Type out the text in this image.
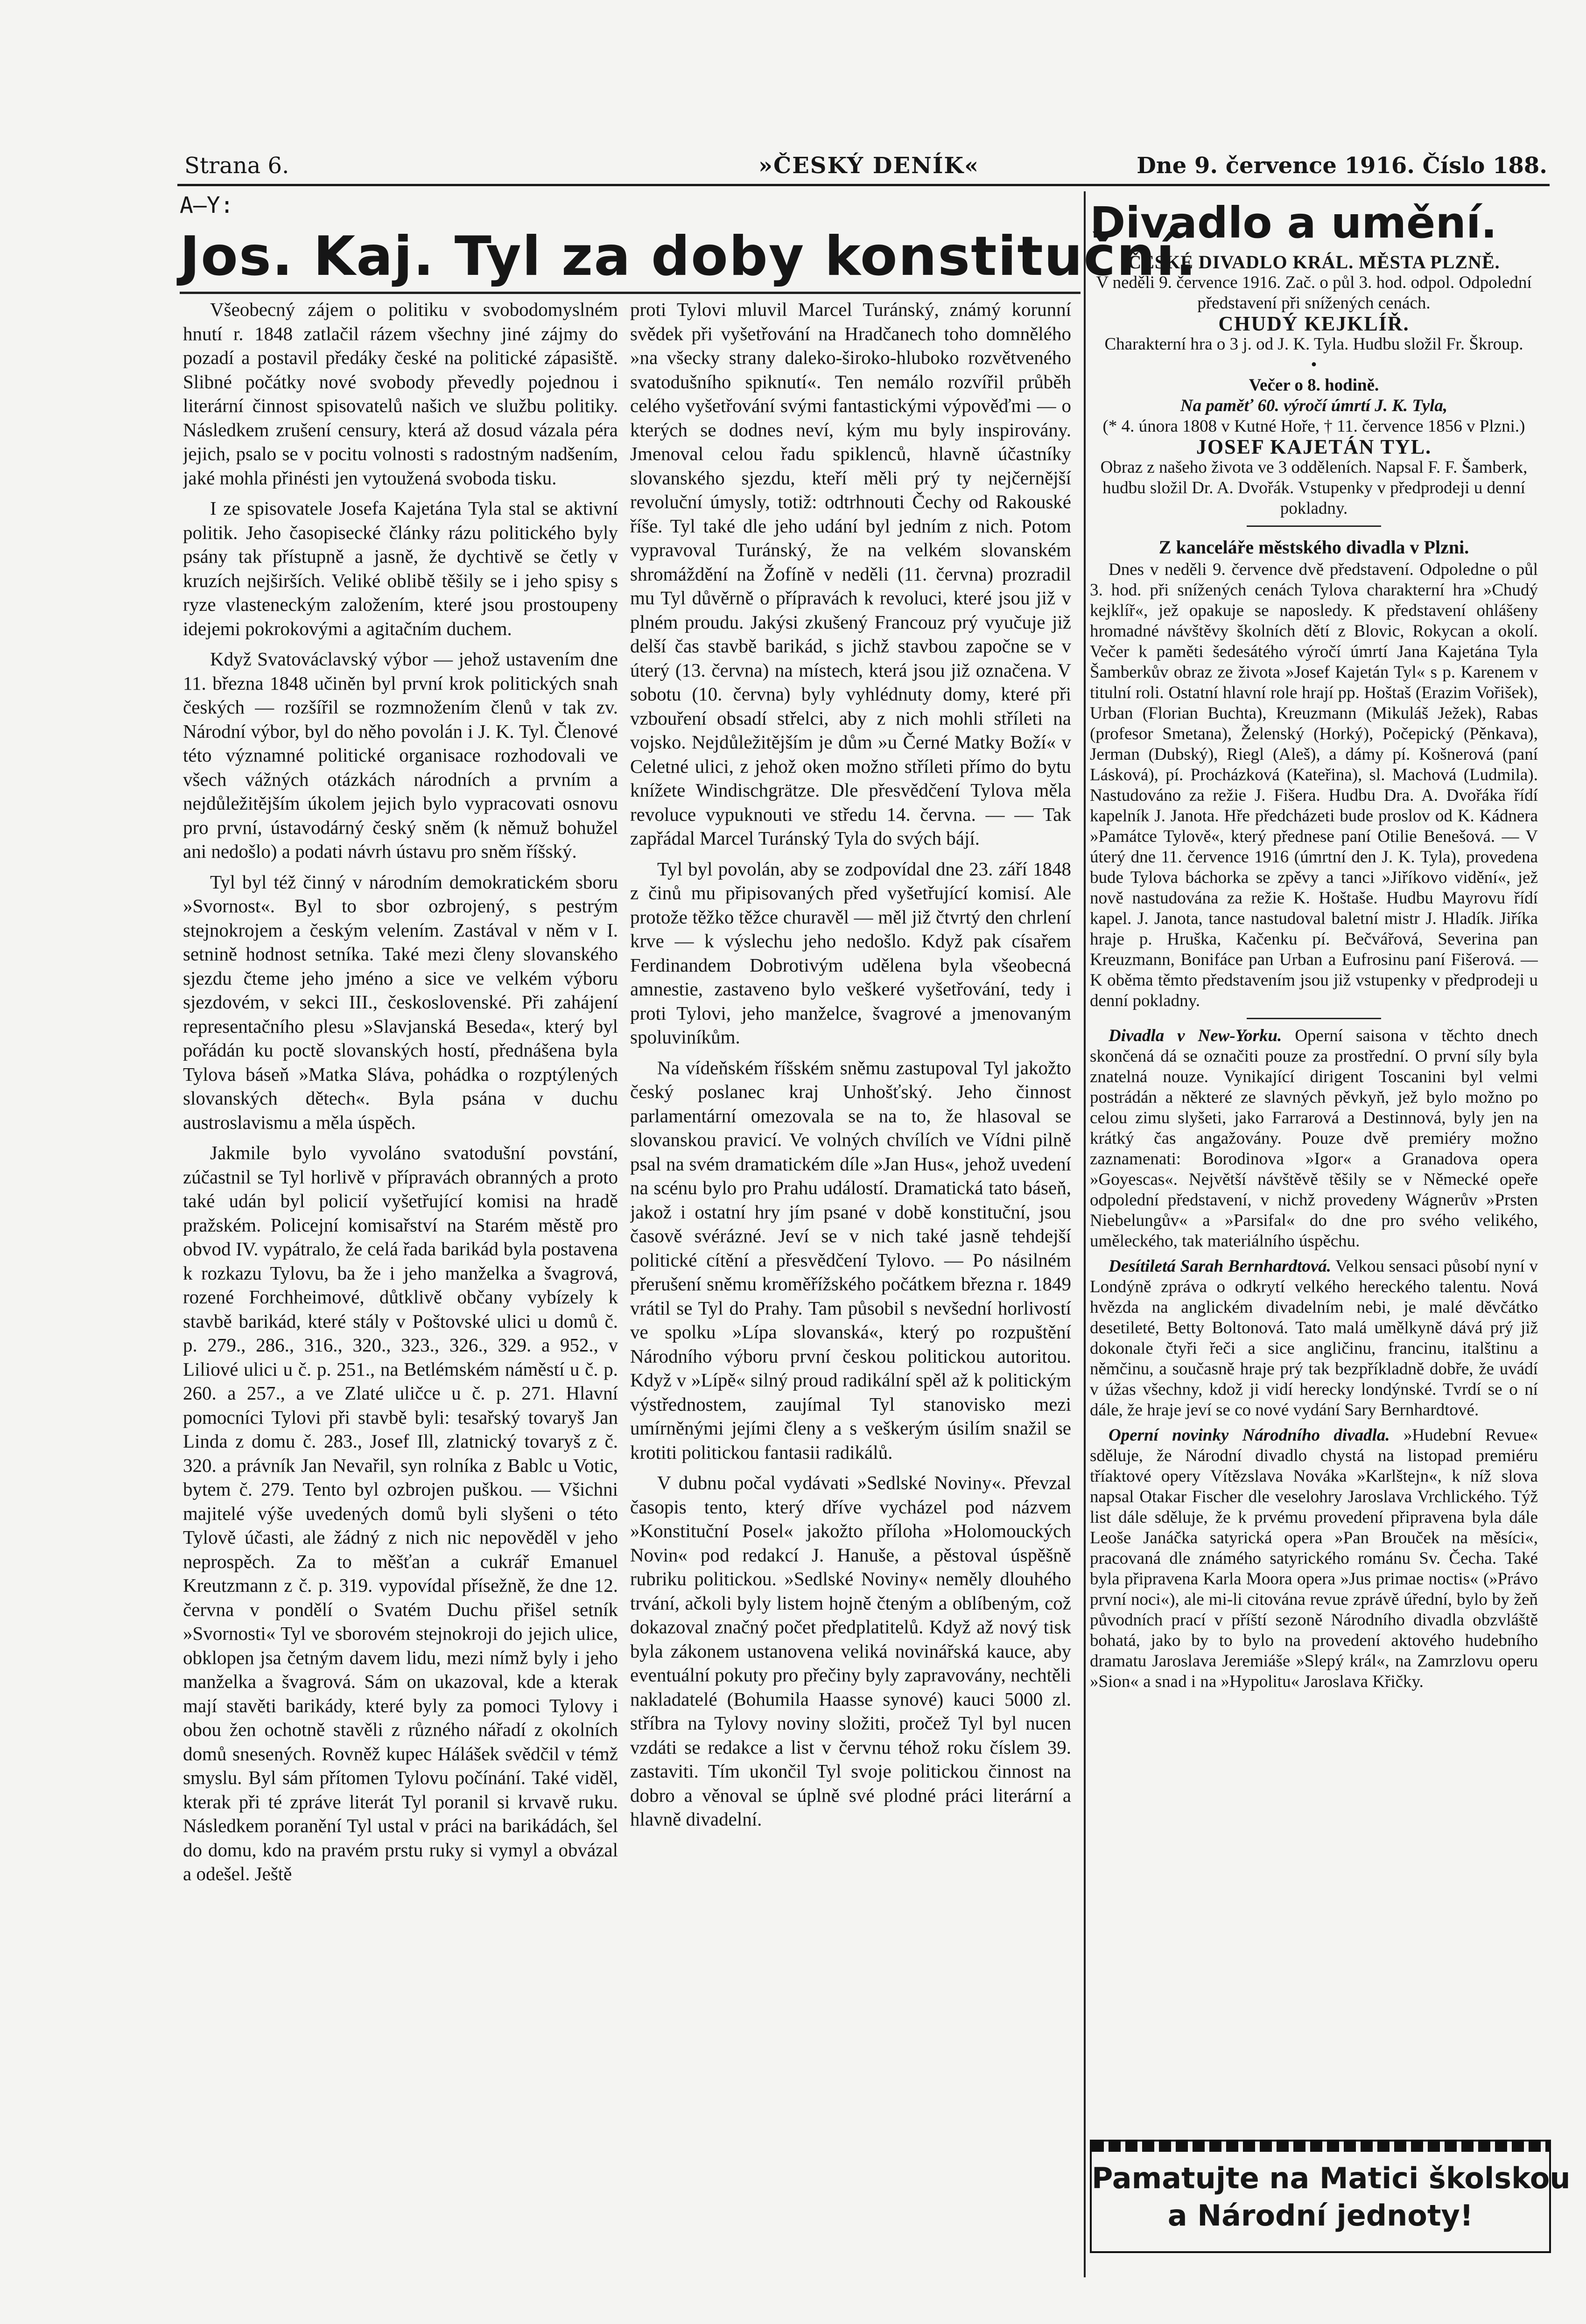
Strana 6.	»ČESKÝ DENÍK«	Dne 9. července 1916. Číslo 188.
A—Y:
Jos. Kaj. Tyl za doby konstituční.

Všeobecný zájem o politiku v svobodomyslném hnutí r. 1848 zatlačil rázem všechny jiné zájmy do pozadí a postavil předáky české na politické zápasiště. Slibné počátky nové svobody převedly pojednou i literární činnost spisovatelů našich ve službu politiky. Následkem zrušení censury, která až dosud vázala péra jejich, psalo se v pocitu volnosti s radostným nadšením, jaké mohla přinésti jen vytoužená svoboda tisku.

I ze spisovatele Josefa Kajetána Tyla stal se aktivní politik. Jeho časopisecké články rázu politického byly psány tak přístupně a jasně, že dychtivě se četly v kruzích nejširších. Veliké oblibě těšily se i jeho spisy s ryze vlasteneckým založením, které jsou prostoupeny idejemi pokrokovými a agitačním duchem.

Když Svatováclavský výbor — jehož ustavením dne 11. března 1848 učiněn byl první krok politických snah českých — rozšířil se rozmnožením členů v tak zv. Národní výbor, byl do něho povolán i J. K. Tyl. Členové této významné politické organisace rozhodovali ve všech vážných otázkách národních a prvním a nejdůležitějším úkolem jejich bylo vypracovati osnovu pro první, ústavodárný český sněm (k němuž bohužel ani nedošlo) a podati návrh ústavu pro sněm říšský.

Tyl byl též činný v národním demokratickém sboru »Svornost«. Byl to sbor ozbrojený, s pestrým stejnokrojem a českým velením. Zastával v něm v I. setnině hodnost setníka. Také mezi členy slovanského sjezdu čteme jeho jméno a sice ve velkém výboru sjezdovém, v sekci III., československé. Při zahájení representačního plesu »Slavjanská Beseda«, který byl pořádán ku poctě slovanských hostí, přednášena byla Tylova báseň »Matka Sláva, pohádka o rozptýlených slovanských dětech«. Byla psána v duchu austroslavismu a měla úspěch.

Jakmile bylo vyvoláno svatodušní povstání, zúčastnil se Tyl horlivě v přípravách obranných a proto také udán byl policií vyšetřující komisi na hradě pražském. Policejní komisařství na Starém městě pro obvod IV. vypátralo, že celá řada barikád byla postavena k rozkazu Tylovu, ba že i jeho manželka a švagrová, rozené Forchheimové, důtklivě občany vybízely k stavbě barikád, které stály v Poštovské ulici u domů č. p. 279., 286., 316., 320., 323., 326., 329. a 952., v Liliové ulici u č. p. 251., na Betlémském náměstí u č. p. 260. a 257., a ve Zlaté uličce u č. p. 271. Hlavní pomocníci Tylovi při stavbě byli: tesařský tovaryš Jan Linda z domu č. 283., Josef Ill, zlatnický tovaryš z č. 320. a právník Jan Nevařil, syn rolníka z Bablc u Votic, bytem č. 279. Tento byl ozbrojen puškou. — Všichni majitelé výše uvedených domů byli slyšeni o této Tylově účasti, ale žádný z nich nic nepověděl v jeho neprospěch. Za to měšťan a cukrář Emanuel Kreutzmann z č. p. 319. vypovídal přísežně, že dne 12. června v pondělí o Svatém Duchu přišel setník »Svornosti« Tyl ve sborovém stejnokroji do jejich ulice, obklopen jsa četným davem lidu, mezi nímž byly i jeho manželka a švagrová. Sám on ukazoval, kde a kterak mají stavěti barikády, které byly za pomoci Tylovy i obou žen ochotně stavěli z různého nářadí z okolních domů snesených. Rovněž kupec Hálášek svědčil v témž smyslu. Byl sám přítomen Tylovu počínání. Také viděl, kterak při té zpráve literát Tyl poranil si krvavě ruku. Následkem poranění Tyl ustal v práci na barikádách, šel do domu, kdo na pravém prstu ruky si vymyl a obvázal a odešel. Ještě

proti Tylovi mluvil Marcel Turánský, známý korunní svědek při vyšetřování na Hradčanech toho domnělého »na všecky strany daleko-široko-hluboko rozvětveného svatodušního spiknutí«. Ten nemálo rozvířil průběh celého vyšetřování svými fantastickými výpověďmi — o kterých se dodnes neví, kým mu byly inspirovány. Jmenoval celou řadu spiklenců, hlavně účastníky slovanského sjezdu, kteří měli prý ty nejčernější revoluční úmysly, totiž: odtrhnouti Čechy od Rakouské říše. Tyl také dle jeho udání byl jedním z nich. Potom vypravoval Turánský, že na velkém slovanském shromáždění na Žofíně v neděli (11. června) prozradil mu Tyl důvěrně o přípravách k revoluci, které jsou již v plném proudu. Jakýsi zkušený Francouz prý vyučuje již delší čas stavbě barikád, s jichž stavbou započne se v úterý (13. června) na místech, která jsou již označena. V sobotu (10. června) byly vyhlédnuty domy, které při vzbouření obsadí střelci, aby z nich mohli stříleti na vojsko. Nejdůležitějším je dům »u Černé Matky Boží« v Celetné ulici, z jehož oken možno stříleti přímo do bytu knížete Windischgrätze. Dle přesvědčení Tylova měla revoluce vypuknouti ve středu 14. června. — — Tak zapřádal Marcel Turánský Tyla do svých bájí.

Tyl byl povolán, aby se zodpovídal dne 23. září 1848 z činů mu připisovaných před vyšetřující komisí. Ale protože těžko těžce churavěl — měl již čtvrtý den chrlení krve — k výslechu jeho nedošlo. Když pak císařem Ferdinandem Dobrotivým udělena byla všeobecná amnestie, zastaveno bylo veškeré vyšetřování, tedy i proti Tylovi, jeho manželce, švagrové a jmenovaným spoluviníkům.

Na vídeňském říšském sněmu zastupoval Tyl jakožto český poslanec kraj Unhošťský. Jeho činnost parlamentární omezovala se na to, že hlasoval se slovanskou pravicí. Ve volných chvílích ve Vídni pilně psal na svém dramatickém díle »Jan Hus«, jehož uvedení na scénu bylo pro Prahu událostí. Dramatická tato báseň, jakož i ostatní hry jím psané v době konstituční, jsou časově svérázné. Jeví se v nich také jasně tehdejší politické cítění a přesvědčení Tylovo. — Po násilném přerušení sněmu kroměřížského počátkem března r. 1849 vrátil se Tyl do Prahy. Tam působil s nevšední horlivostí ve spolku »Lípa slovanská«, který po rozpuštění Národního výboru první českou politickou autoritou. Když v »Lípě« silný proud radikální spěl až k politickým výstřednostem, zaujímal Tyl stanovisko mezi umírněnými jejími členy a s veškerým úsilím snažil se krotiti politickou fantasii radikálů.

V dubnu počal vydávati »Sedlské Noviny«. Převzal časopis tento, který dříve vycházel pod názvem »Konstituční Posel« jakožto příloha »Holomouckých Novin« pod redakcí J. Hanuše, a pěstoval úspěšně rubriku politickou. »Sedlské Noviny« neměly dlouhého trvání, ačkoli byly listem hojně čteným a oblíbeným, což dokazoval značný počet předplatitelů. Když až nový tisk byla zákonem ustanovena veliká novinářská kauce, aby eventuální pokuty pro přečiny byly zapravovány, nechtěli nakladatelé (Bohumila Haasse synové) kauci 5000 zl. stříbra na Tylovy noviny složiti, pročež Tyl byl nucen vzdáti se redakce a list v červnu téhož roku číslem 39. zastaviti. Tím ukončil Tyl svoje politickou činnost na dobro a věnoval se úplně své plodné práci literární a hlavně divadelní.

Divadlo a umění.

ČESKÉ DIVADLO KRÁL. MĚSTA PLZNĚ.

V neděli 9. července 1916. Zač. o půl 3. hod. odpol. Odpolední představení při snížených cenách.

CHUDÝ KEJKLÍŘ.

Charakterní hra o 3 j. od J. K. Tyla. Hudbu složil Fr. Škroup.

•

Večer o 8. hodině.

Na paměť 60. výročí úmrtí J. K. Tyla,

(* 4. února 1808 v Kutné Hoře, † 11. července 1856 v Plzni.)

JOSEF KAJETÁN TYL.

Obraz z našeho života ve 3 odděleních. Napsal F. F. Šamberk, hudbu složil Dr. A. Dvořák. Vstupenky v předprodeji u denní pokladny.

Z kanceláře městského divadla v Plzni.

Dnes v neděli 9. července dvě představení. Odpoledne o půl 3. hod. při snížených cenách Tylova charakterní hra »Chudý kejklíř«, jež opakuje se naposledy. K představení ohlášeny hromadné návštěvy školních dětí z Blovic, Rokycan a okolí. Večer k paměti šedesátého výročí úmrtí Jana Kajetána Tyla Šamberkův obraz ze života »Josef Kajetán Tyl« s p. Karenem v titulní roli. Ostatní hlavní role hrají pp. Hoštaš (Erazim Vořišek), Urban (Florian Buchta), Kreuzmann (Mikuláš Ježek), Rabas (profesor Smetana), Želenský (Horký), Počepický (Pěnkava), Jerman (Dubský), Riegl (Aleš), a dámy pí. Košnerová (paní Lásková), pí. Procházková (Kateřina), sl. Machová (Ludmila). Nastudováno za režie J. Fišera. Hudbu Dra. A. Dvořáka řídí kapelník J. Janota. Hře předcházeti bude proslov od K. Kádnera »Památce Tylově«, který přednese paní Otilie Benešová. — V úterý dne 11. července 1916 (úmrtní den J. K. Tyla), provedena bude Tylova báchorka se zpěvy a tanci »Jiříkovo vidění«, jež nově nastudována za režie K. Hoštaše. Hudbu Mayrovu řídí kapel. J. Janota, tance nastudoval baletní mistr J. Hladík. Jiříka hraje p. Hruška, Kačenku pí. Bečvářová, Severina pan Kreuzmann, Bonifáce pan Urban a Eufrosinu paní Fišerová. — K oběma těmto představením jsou již vstupenky v předprodeji u denní pokladny.

Divadla v New-Yorku. Operní saisona v těchto dnech skončená dá se označiti pouze za prostřední. O první síly byla znatelná nouze. Vynikající dirigent Toscanini byl velmi postrádán a některé ze slavných pěvkyň, jež bylo možno po celou zimu slyšeti, jako Farrarová a Destinnová, byly jen na krátký čas angažovány. Pouze dvě premiéry možno zaznamenati: Borodinova »Igor« a Granadova opera »Goyescas«. Největší návštěvě těšily se v Německé opeře odpolední představení, v nichž provedeny Wágnerův »Prsten Niebelungův« a »Parsifal« do dne pro svého velikého, uměleckého, tak materiálního úspěchu.

Desítiletá Sarah Bernhardtová. Velkou sensaci působí nyní v Londýně zpráva o odkrytí velkého hereckého talentu. Nová hvězda na anglickém divadelním nebi, je malé děvčátko desetileté, Betty Boltonová. Tato malá umělkyně dává prý již dokonale čtyři řeči a sice angličinu, francinu, italštinu a němčinu, a současně hraje prý tak bezpříkladně dobře, že uvádí v úžas všechny, kdož ji vidí herecky londýnské. Tvrdí se o ní dále, že hraje jeví se co nové vydání Sary Bernhardtové.

Operní novinky Národního divadla. »Hudební Revue« sděluje, že Národní divadlo chystá na listopad premiéru tříaktové opery Vítězslava Nováka »Karlštejn«, k níž slova napsal Otakar Fischer dle veselohry Jaroslava Vrchlického. Týž list dále sděluje, že k prvému provedení připravena byla dále Leoše Janáčka satyrická opera »Pan Brouček na měsíci«, pracovaná dle známého satyrického románu Sv. Čecha. Také byla připravena Karla Moora opera »Jus primae noctis« (»Právo první noci«), ale mi-li citována revue zprávě úřední, bylo by žeň původních prací v příští sezoně Národního divadla obzvláště bohatá, jako by to bylo na provedení aktového hudebního dramatu Jaroslava Jeremiáše »Slepý král«, na Zamrzlovu operu »Sion« a snad i na »Hypolitu« Jaroslava Křičky.

Pamatujte na Matici školskou
a Národní jednoty!
